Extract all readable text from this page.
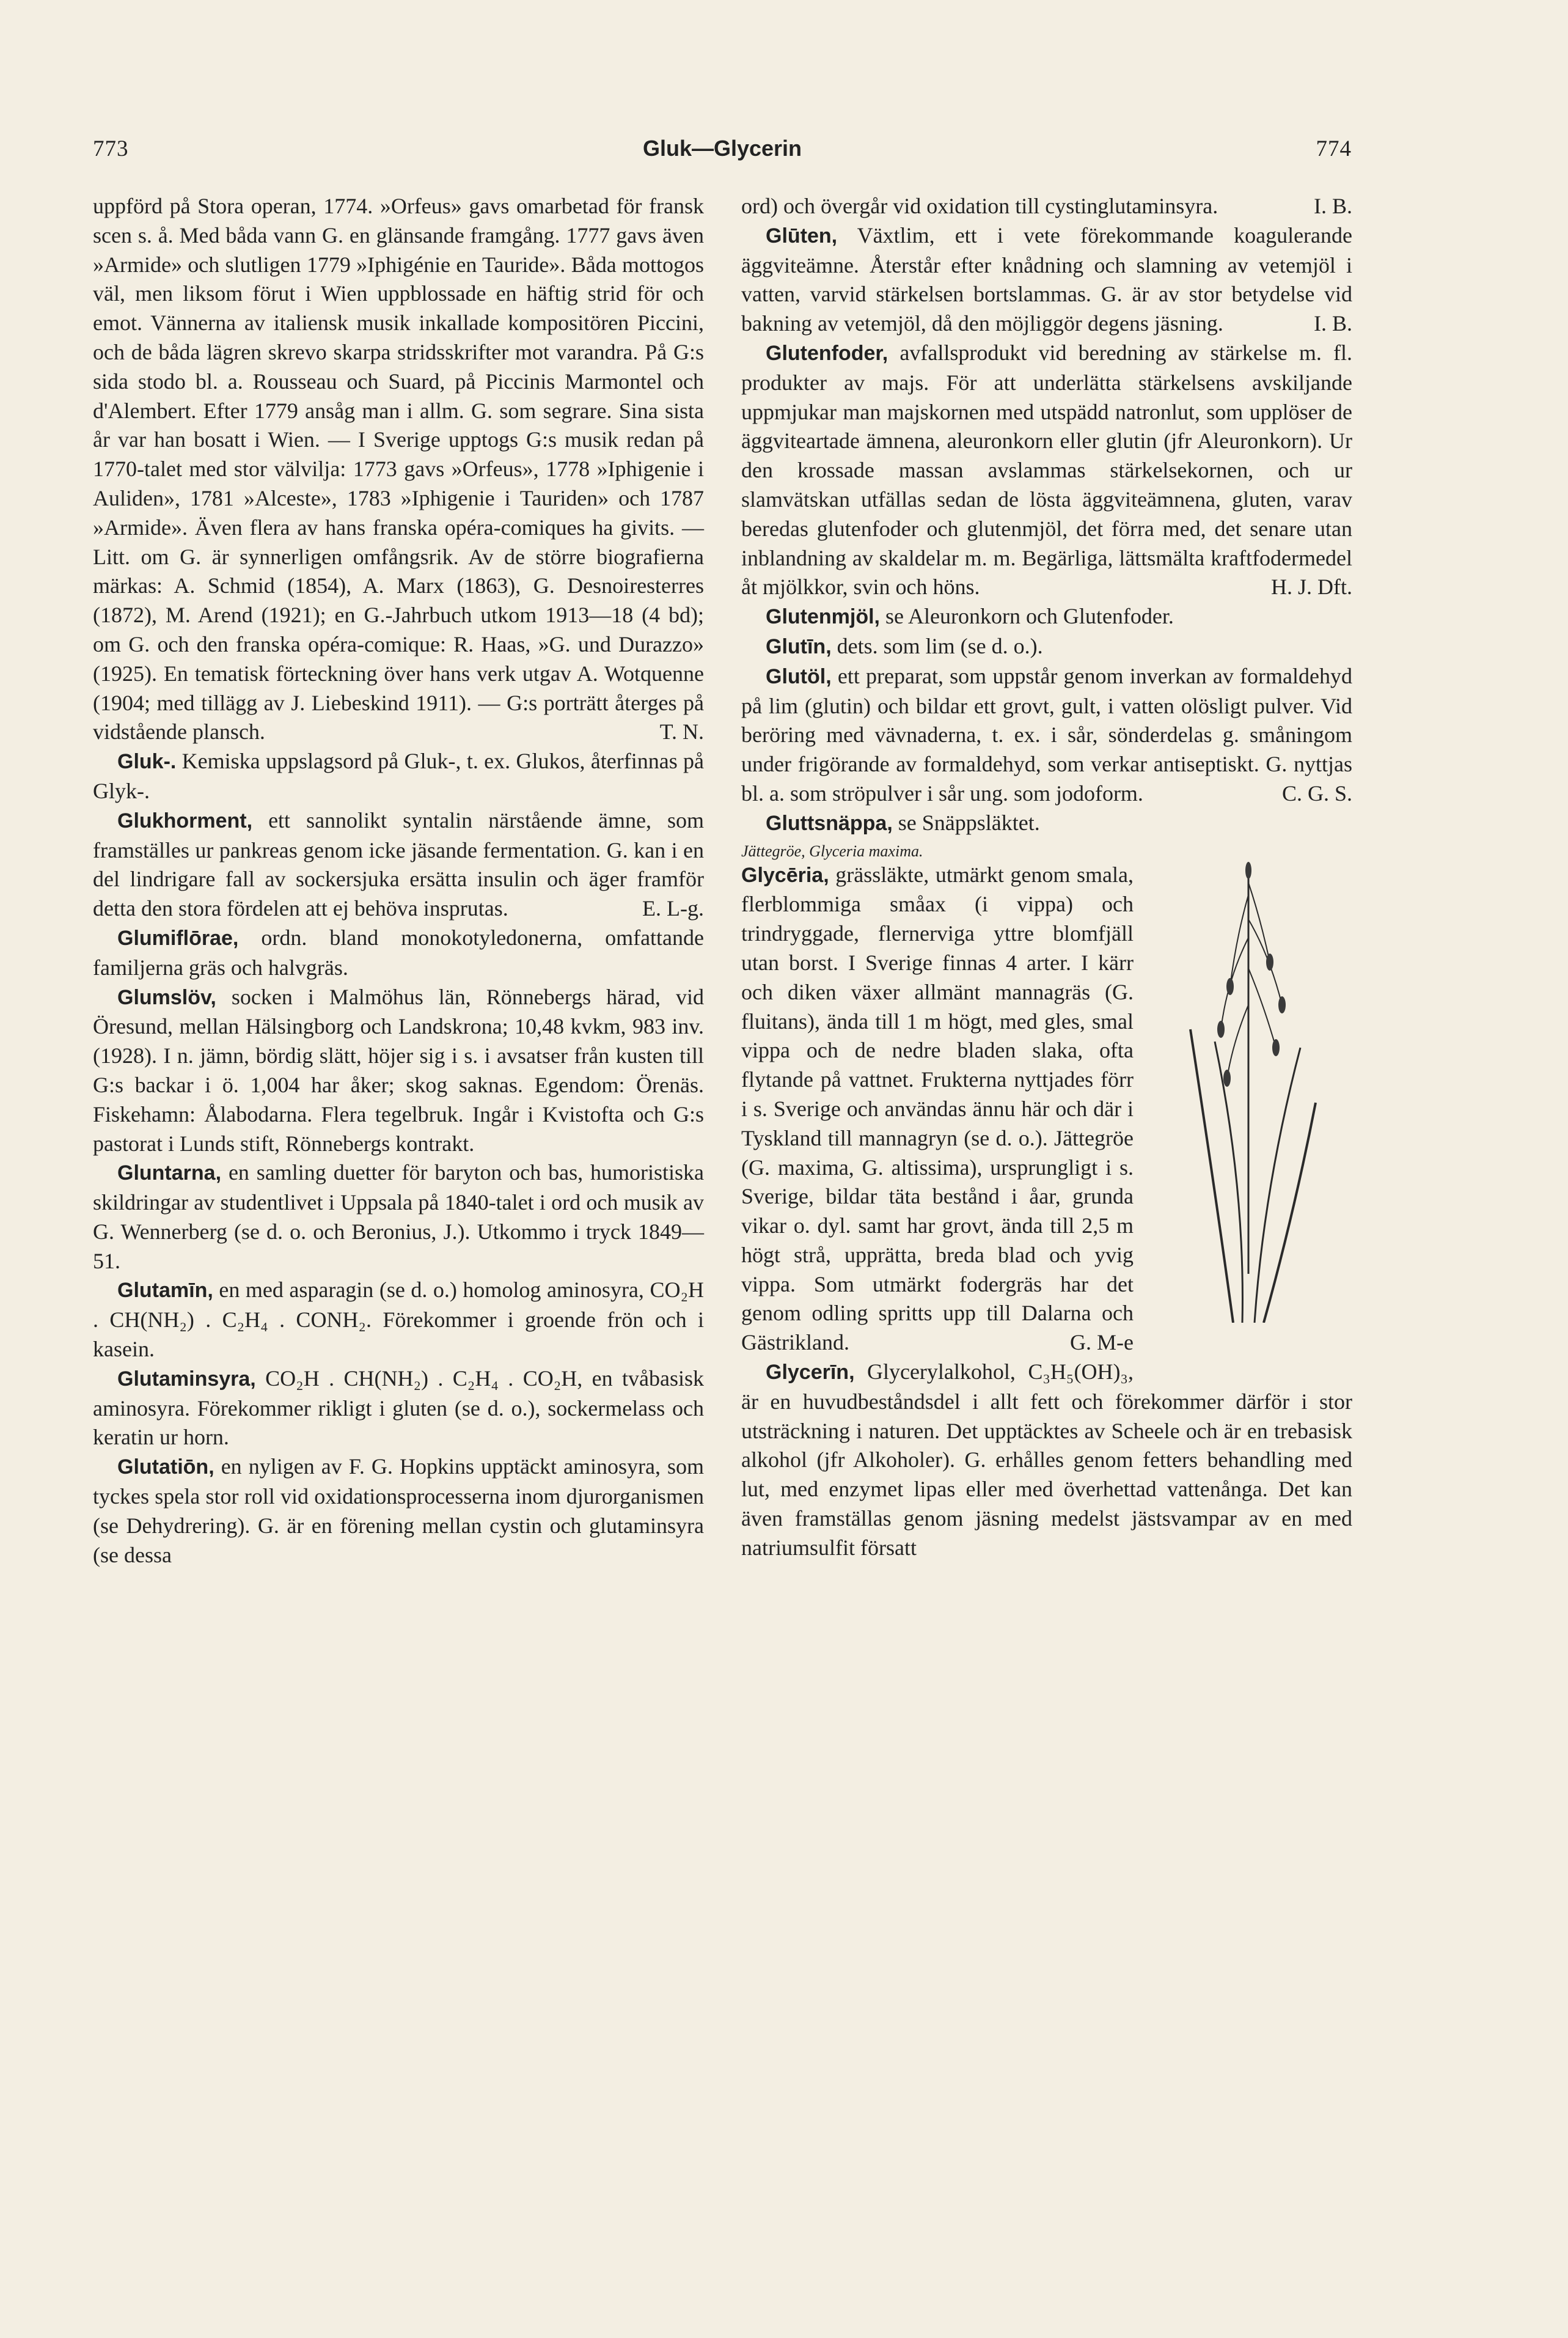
773	Gluk—Glycerin	774

uppförd på Stora operan, 1774. »Orfeus» gavs omarbetad för fransk scen s. å. Med båda vann G. en glänsande framgång. 1777 gavs även »Armide» och slutligen 1779 »Iphigénie en Tauride». Båda mottogos väl, men liksom förut i Wien uppblossade en häftig strid för och emot. Vännerna av italiensk musik inkallade kompositören Piccini, och de båda lägren skrevo skarpa stridsskrifter mot varandra. På G:s sida stodo bl. a. Rousseau och Suard, på Piccinis Marmontel och d'Alembert. Efter 1779 ansåg man i allm. G. som segrare. Sina sista år var han bosatt i Wien. — I Sverige upptogs G:s musik redan på 1770-talet med stor välvilja: 1773 gavs »Orfeus», 1778 »Iphigenie i Auliden», 1781 »Alceste», 1783 »Iphigenie i Tauriden» och 1787 »Armide». Även flera av hans franska opéra-comiques ha givits. — Litt. om G. är synnerligen omfångsrik. Av de större biografierna märkas: A. Schmid (1854), A. Marx (1863), G. Desnoiresterres (1872), M. Arend (1921); en G.-Jahrbuch utkom 1913—18 (4 bd); om G. och den franska opéra-comique: R. Haas, »G. und Durazzo» (1925). En tematisk förteckning över hans verk utgav A. Wotquenne (1904; med tillägg av J. Liebeskind 1911). — G:s porträtt återges på vidstående plansch.	T. N.

Gluk-. Kemiska uppslagsord på Gluk-, t. ex. Glukos, återfinnas på Glyk-.

Glukhorment, ett sannolikt syntalin närstående ämne, som framställes ur pankreas genom icke jäsande fermentation. G. kan i en del lindrigare fall av sockersjuka ersätta insulin och äger framför detta den stora fördelen att ej behöva insprutas.	E. L-g.

Glumiflōrae, ordn. bland monokotyledonerna, omfattande familjerna gräs och halvgräs.

Glumslöv, socken i Malmöhus län, Rönnebergs härad, vid Öresund, mellan Hälsingborg och Landskrona; 10,48 kvkm, 983 inv. (1928). I n. jämn, bördig slätt, höjer sig i s. i avsatser från kusten till G:s backar i ö. 1,004 har åker; skog saknas. Egendom: Örenäs. Fiskehamn: Ålabodarna. Flera tegelbruk. Ingår i Kvistofta och G:s pastorat i Lunds stift, Rönnebergs kontrakt.

Gluntarna, en samling duetter för baryton och bas, humoristiska skildringar av studentlivet i Uppsala på 1840-talet i ord och musik av G. Wennerberg (se d. o. och Beronius, J.). Utkommo i tryck 1849—51.

Glutamīn, en med asparagin (se d. o.) homolog aminosyra, CO₂H . CH(NH₂) . C₂H₄ . CONH₂. Förekommer i groende frön och i kasein.

Glutaminsyra, CO₂H . CH(NH₂) . C₂H₄ . CO₂H, en tvåbasisk aminosyra. Förekommer rikligt i gluten (se d. o.), sockermelass och keratin ur horn.

Glutatiōn, en nyligen av F. G. Hopkins upptäckt aminosyra, som tyckes spela stor roll vid oxidationsprocesserna inom djurorganismen (se Dehydrering). G. är en förening mellan cystin och glutaminsyra (se dessa

ord) och övergår vid oxidation till cystinglutaminsyra.	I. B.

Glūten, Växtlim, ett i vete förekommande koagulerande äggviteämne. Återstår efter knådning och slamning av vetemjöl i vatten, varvid stärkelsen bortslammas. G. är av stor betydelse vid bakning av vetemjöl, då den möjliggör degens jäsning.	I. B.

Glutenfoder, avfallsprodukt vid beredning av stärkelse m. fl. produkter av majs. För att underlätta stärkelsens avskiljande uppmjukar man majskornen med utspädd natronlut, som upplöser de äggviteartade ämnena, aleuronkorn eller glutin (jfr Aleuronkorn). Ur den krossade massan avslammas stärkelsekornen, och ur slamvätskan utfällas sedan de lösta äggviteämnena, gluten, varav beredas glutenfoder och glutenmjöl, det förra med, det senare utan inblandning av skaldelar m. m. Begärliga, lättsmälta kraftfodermedel åt mjölkkor, svin och höns.	H. J. Dft.

Glutenmjöl, se Aleuronkorn och Glutenfoder.

Glutīn, dets. som lim (se d. o.).

Glutöl, ett preparat, som uppstår genom inverkan av formaldehyd på lim (glutin) och bildar ett grovt, gult, i vatten olösligt pulver. Vid beröring med vävnaderna, t. ex. i sår, sönderdelas g. småningom under frigörande av formaldehyd, som verkar antiseptiskt. G. nyttjas bl. a. som ströpulver i sår ung. som jodoform.	C. G. S.

Gluttsnäppa, se Snäppsläktet.

Jättegröe, Glyceria maxima.
Glycēria, grässläkte, utmärkt genom smala, flerblommiga småax (i vippa) och trindryggade, flernerviga yttre blomfjäll utan borst. I Sverige finnas 4 arter. I kärr och diken växer allmänt mannagräs (G. fluitans), ända till 1 m högt, med gles, smal vippa och de nedre bladen slaka, ofta flytande på vattnet. Frukterna nyttjades förr i s. Sverige och användas ännu här och där i Tyskland till mannagryn (se d. o.). Jättegröe (G. maxima, G. altissima), ursprungligt i s. Sverige, bildar täta bestånd i åar, grunda vikar o. dyl. samt har grovt, ända till 2,5 m högt strå, upprätta, breda blad och yvig vippa. Som utmärkt fodergräs har det genom odling spritts upp till Dalarna och Gästrikland.	G. M-e

Glycerīn, Glycerylalkohol, C₃H₅(OH)₃, är en huvudbeståndsdel i allt fett och förekommer därför i stor utsträckning i naturen. Det upptäcktes av Scheele och är en trebasisk alkohol (jfr Alkoholer). G. erhålles genom fetters behandling med lut, med enzymet lipas eller med överhettad vattenånga. Det kan även framställas genom jäsning medelst jästsvampar av en med natriumsulfit försatt
